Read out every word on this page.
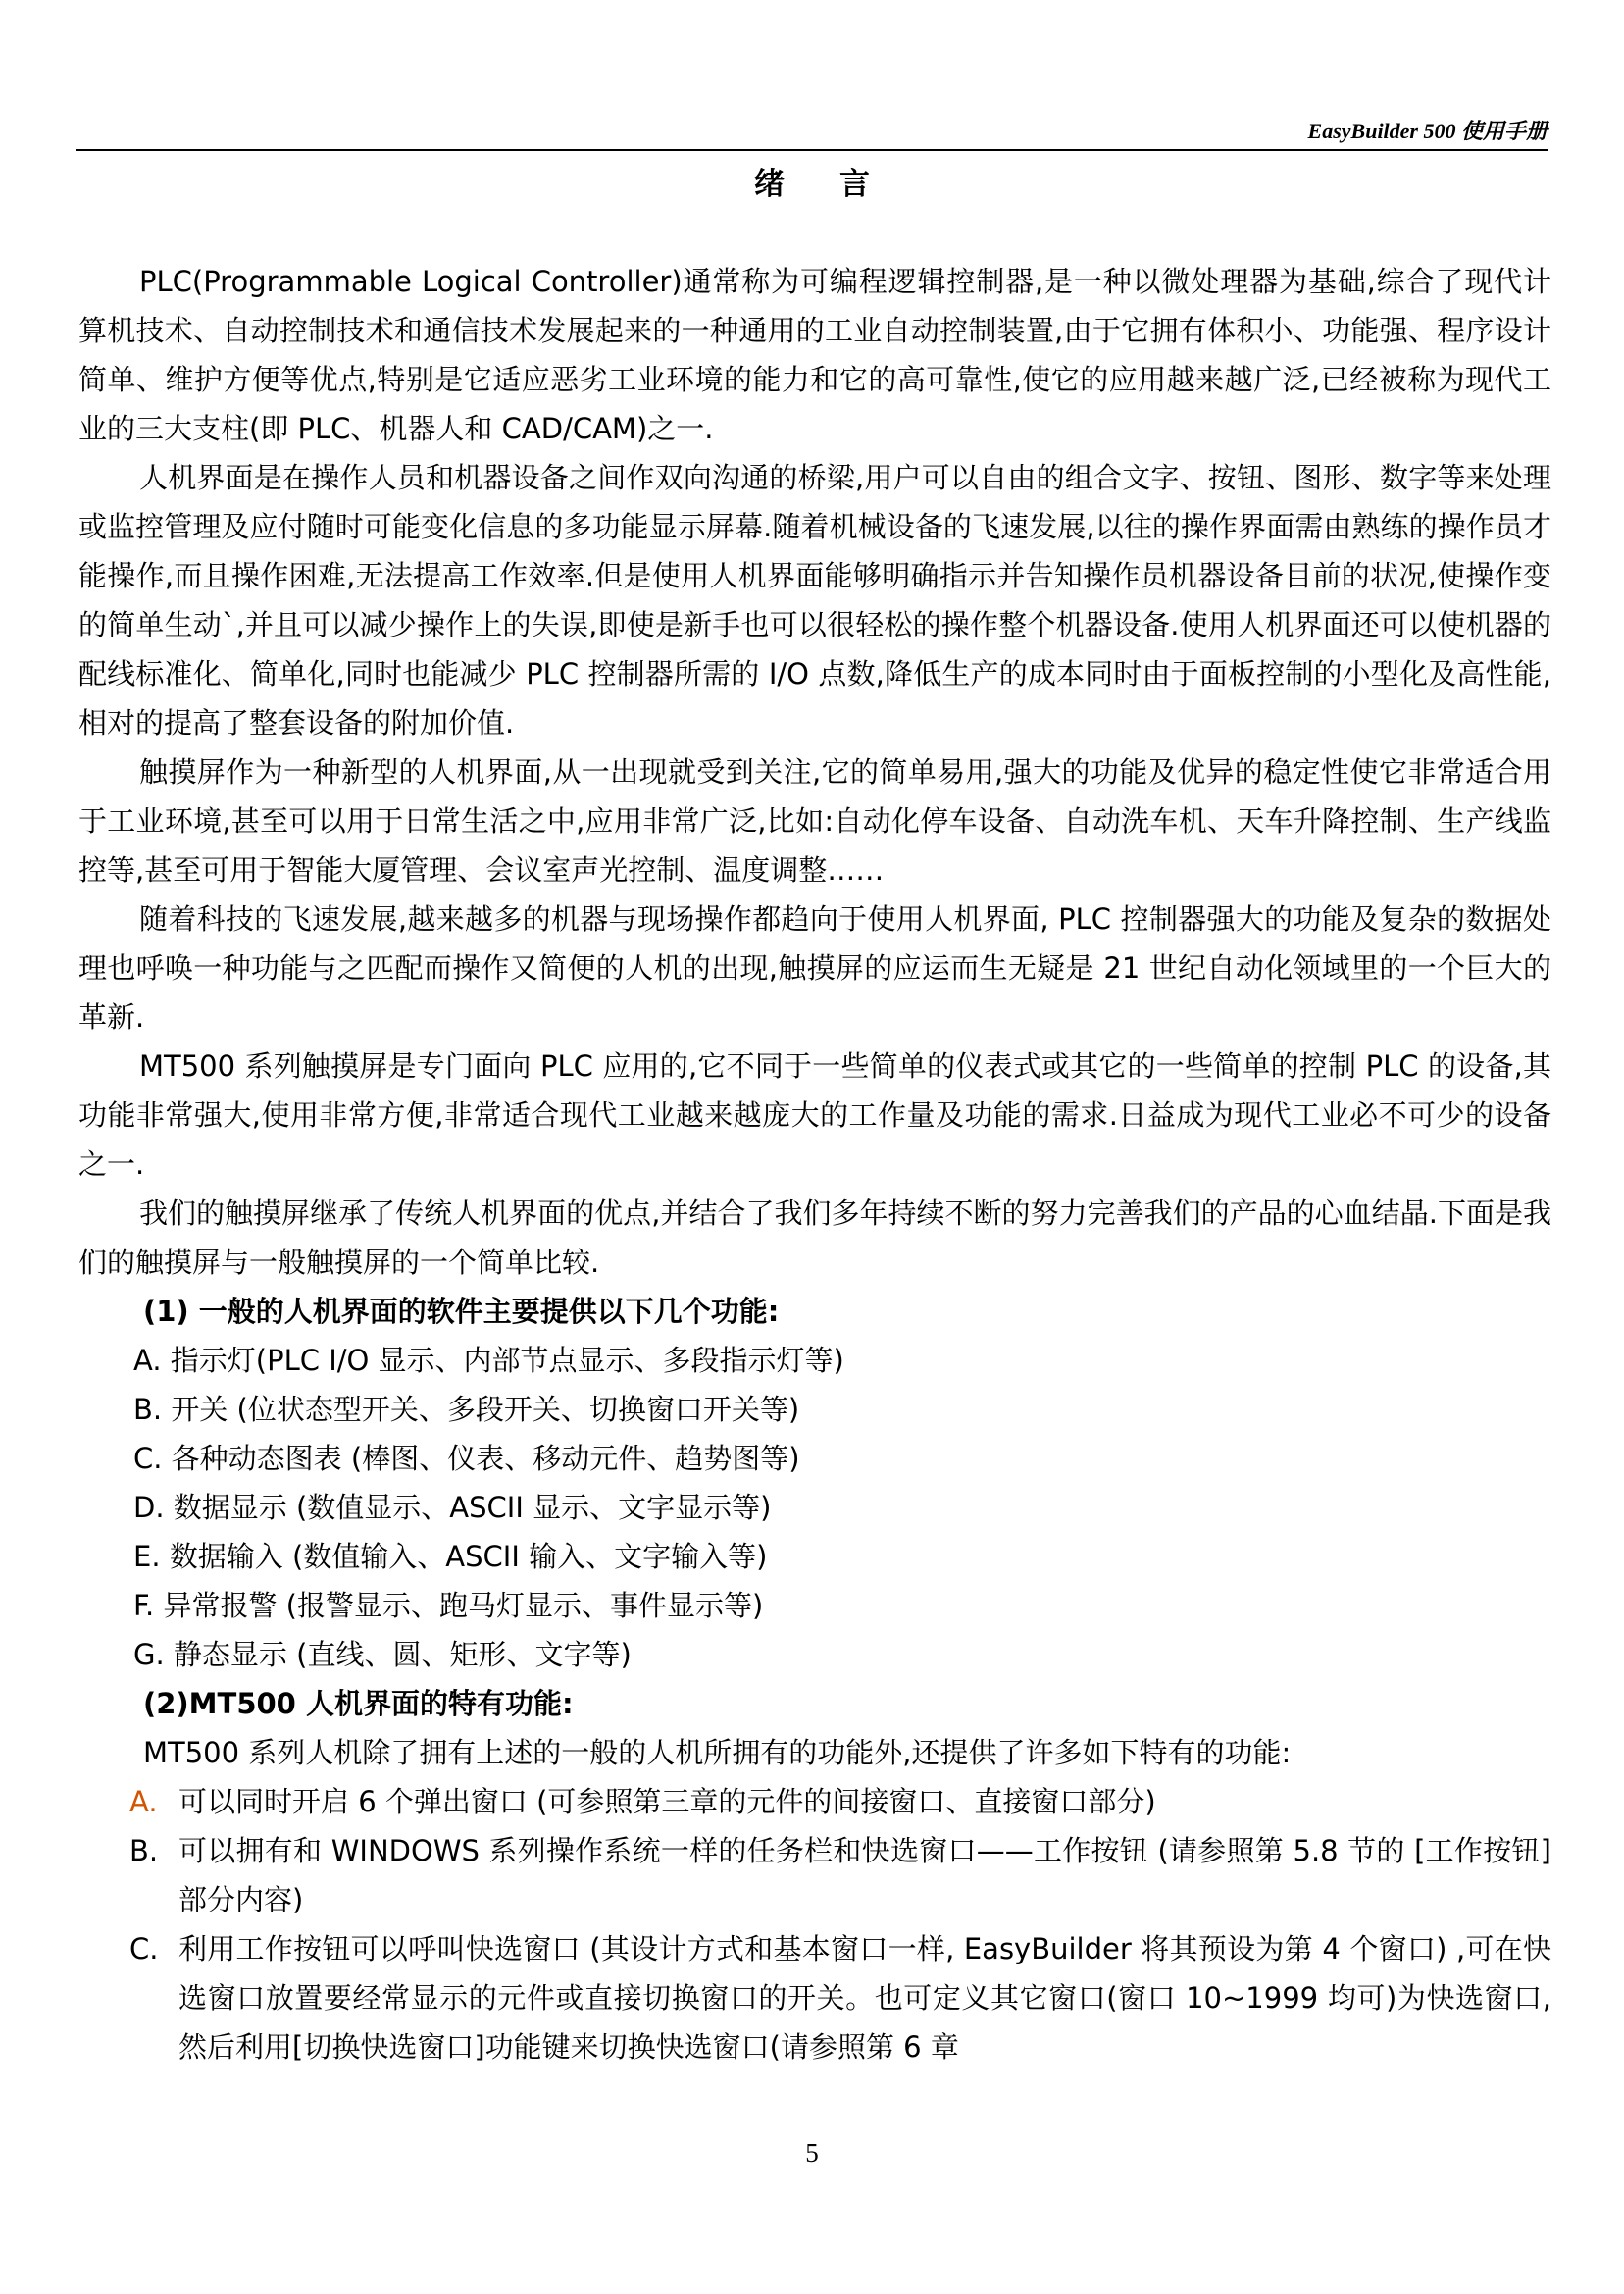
EasyBuilder 500 使用手册
绪言

PLC(Programmable Logical Controller)通常称为可编程逻辑控制器,是一种以微处理器为基础,综合了现代计算机技术、自动控制技术和通信技术发展起来的一种通用的工业自动控制装置,由于它拥有体积小、功能强、程序设计简单、维护方便等优点,特别是它适应恶劣工业环境的能力和它的高可靠性,使它的应用越来越广泛,已经被称为现代工业的三大支柱(即 PLC、机器人和 CAD/CAM)之一.

人机界面是在操作人员和机器设备之间作双向沟通的桥梁,用户可以自由的组合文字、按钮、图形、数字等来处理或监控管理及应付随时可能变化信息的多功能显示屏幕.随着机械设备的飞速发展,以往的操作界面需由熟练的操作员才能操作,而且操作困难,无法提高工作效率.但是使用人机界面能够明确指示并告知操作员机器设备目前的状况,使操作变的简单生动`,并且可以减少操作上的失误,即使是新手也可以很轻松的操作整个机器设备.使用人机界面还可以使机器的配线标准化、简单化,同时也能减少 PLC 控制器所需的 I/O 点数,降低生产的成本同时由于面板控制的小型化及高性能,相对的提高了整套设备的附加价值.

触摸屏作为一种新型的人机界面,从一出现就受到关注,它的简单易用,强大的功能及优异的稳定性使它非常适合用于工业环境,甚至可以用于日常生活之中,应用非常广泛,比如:自动化停车设备、自动洗车机、天车升降控制、生产线监控等,甚至可用于智能大厦管理、会议室声光控制、温度调整……

随着科技的飞速发展,越来越多的机器与现场操作都趋向于使用人机界面, PLC 控制器强大的功能及复杂的数据处理也呼唤一种功能与之匹配而操作又简便的人机的出现,触摸屏的应运而生无疑是 21 世纪自动化领域里的一个巨大的革新.

MT500 系列触摸屏是专门面向 PLC 应用的,它不同于一些简单的仪表式或其它的一些简单的控制 PLC 的设备,其功能非常强大,使用非常方便,非常适合现代工业越来越庞大的工作量及功能的需求.日益成为现代工业必不可少的设备之一.

我们的触摸屏继承了传统人机界面的优点,并结合了我们多年持续不断的努力完善我们的产品的心血结晶.下面是我们的触摸屏与一般触摸屏的一个简单比较.

(1) 一般的人机界面的软件主要提供以下几个功能:

A. 指示灯(PLC I/O 显示、内部节点显示、多段指示灯等)

B. 开关 (位状态型开关、多段开关、切换窗口开关等)

C. 各种动态图表 (棒图、仪表、移动元件、趋势图等)

D. 数据显示 (数值显示、ASCII 显示、文字显示等)

E. 数据输入 (数值输入、ASCII 输入、文字输入等)

F. 异常报警 (报警显示、跑马灯显示、事件显示等)

G. 静态显示 (直线、圆、矩形、文字等)

(2)MT500 人机界面的特有功能:

MT500 系列人机除了拥有上述的一般的人机所拥有的功能外,还提供了许多如下特有的功能:

A. 可以同时开启 6 个弹出窗口 (可参照第三章的元件的间接窗口、直接窗口部分)
B. 可以拥有和 WINDOWS 系列操作系统一样的任务栏和快选窗口——工作按钮 (请参照第 5.8 节的 [工作按钮] 部分内容)
C. 利用工作按钮可以呼叫快选窗口 (其设计方式和基本窗口一样, EasyBuilder 将其预设为第 4 个窗口) ,可在快选窗口放置要经常显示的元件或直接切换窗口的开关。也可定义其它窗口(窗口 10~1999 均可)为快选窗口,然后利用[切换快选窗口]功能键来切换快选窗口(请参照第 6 章
5
